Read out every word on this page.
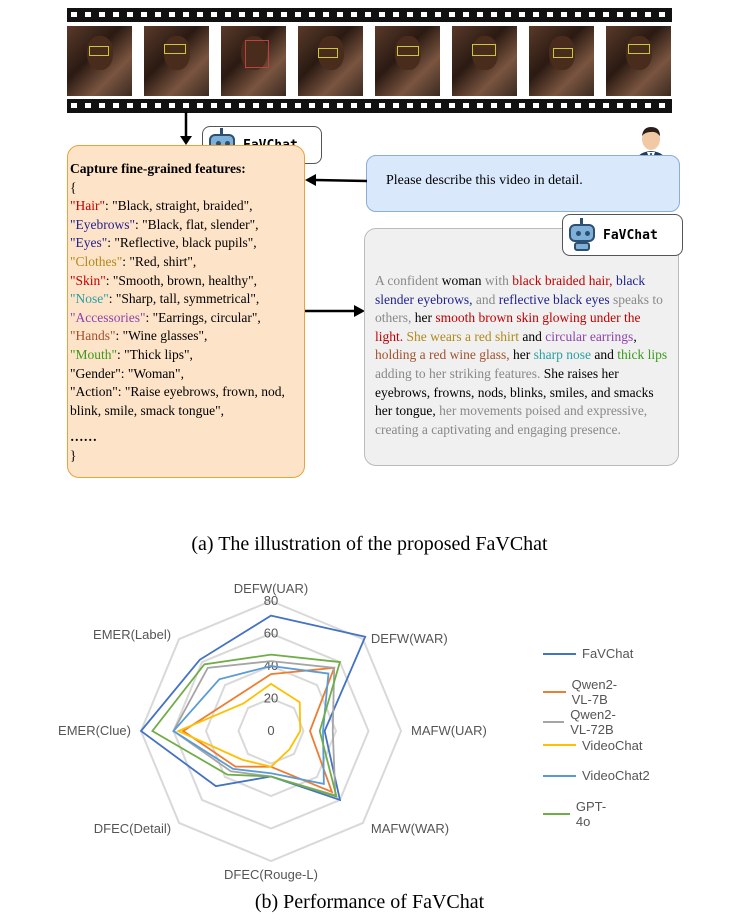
Capture fine-grained features:
{
"Hair": "Black, straight, braided",
"Eyebrows": "Black, flat, slender",
"Eyes": "Reflective, black pupils",
"Clothes": "Red, shirt",
"Skin": "Smooth, brown, healthy",
"Nose": "Sharp, tall, symmetrical",
"Accessories": "Earrings, circular",
"Hands": "Wine glasses",
"Mouth": "Thick lips",
"Gender": "Woman",
"Action": "Raise eyebrows, frown, nod, blink, smile, smack tongue",
……
}
Please describe this video in detail.
A confident woman with black braided hair, black slender eyebrows, and reflective black eyes speaks to others, her smooth brown skin glowing under the light. She wears a red shirt and circular earrings, holding a red wine glass, her sharp nose and thick lips adding to her striking features. She raises her eyebrows, frowns, nods, blinks, smiles, and smacks her tongue, her movements poised and expressive, creating a captivating and engaging presence.
FaVChat
(a) The illustration of the proposed FaVChat
0
20
40
60
80
DEFW(UAR)
DEFW(WAR)
MAFW(UAR)
MAFW(WAR)
DFEC(Rouge-L)
DFEC(Detail)
EMER(Clue)
EMER(Label)
FaVChat
Qwen2-VL-7B
Qwen2-VL-72B
VideoChat
VideoChat2
GPT-4o
(b) Performance of FaVChat
